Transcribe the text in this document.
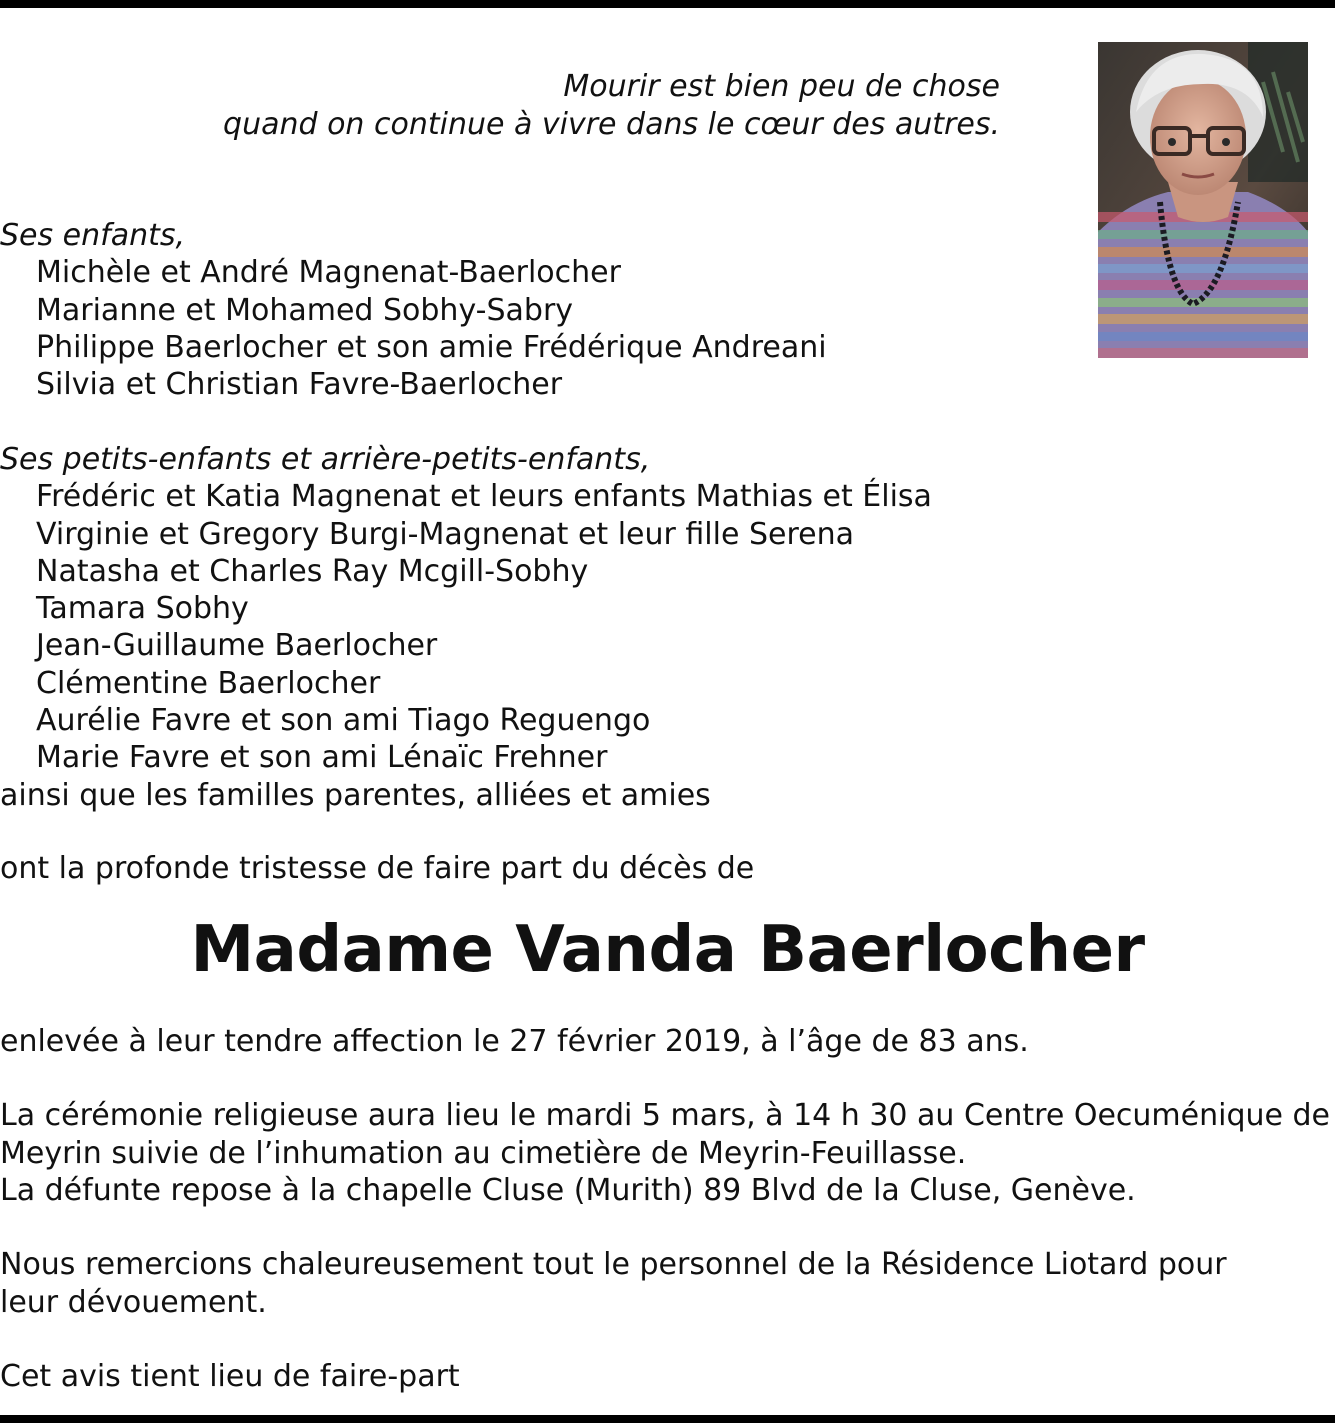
Mourir est bien peu de chose
quand on continue à vivre dans le cœur des autres.
Ses enfants,
Michèle et André Magnenat-Baerlocher
Marianne et Mohamed Sobhy-Sabry
Philippe Baerlocher et son amie Frédérique Andreani
Silvia et Christian Favre-Baerlocher
Ses petits-enfants et arrière-petits-enfants,
Frédéric et Katia Magnenat et leurs enfants Mathias et Élisa
Virginie et Gregory Burgi-Magnenat et leur fille Serena
Natasha et Charles Ray Mcgill-Sobhy
Tamara Sobhy
Jean-Guillaume Baerlocher
Clémentine Baerlocher
Aurélie Favre et son ami Tiago Reguengo
Marie Favre et son ami Lénaïc Frehner
ainsi que les familles parentes, alliées et amies
ont la profonde tristesse de faire part du décès de
Madame Vanda Baerlocher
enlevée à leur tendre affection le 27 février 2019, à l’âge de 83 ans.
La cérémonie religieuse aura lieu le mardi 5 mars, à 14 h 30 au Centre Oecuménique de
Meyrin suivie de l’inhumation au cimetière de Meyrin-Feuillasse.
La défunte repose à la chapelle Cluse (Murith) 89 Blvd de la Cluse, Genève.
Nous remercions chaleureusement tout le personnel de la Résidence Liotard pour
leur dévouement.
Cet avis tient lieu de faire-part
